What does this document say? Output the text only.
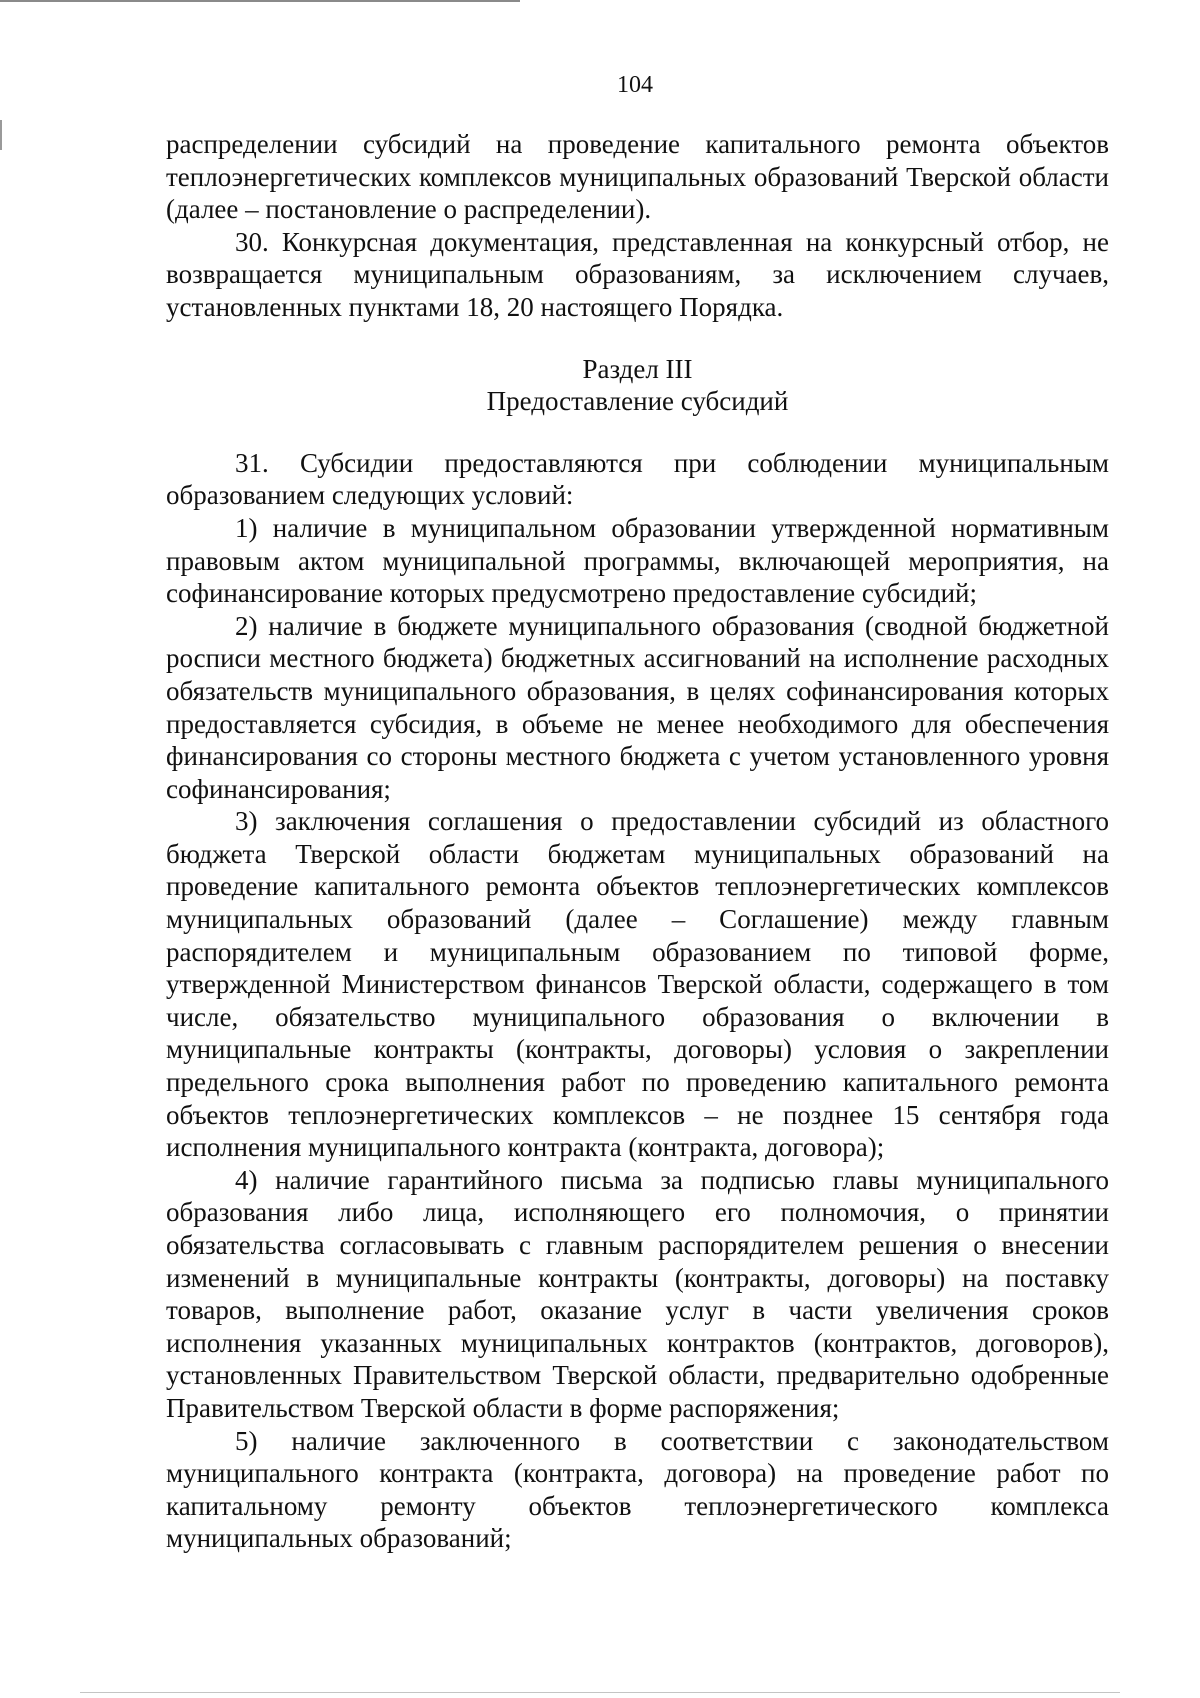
104

распределении субсидий на проведение капитального ремонта объектов теплоэнергетических комплексов муниципальных образований Тверской области (далее – постановление о распределении).

30. Конкурсная документация, представленная на конкурсный отбор, не возвращается муниципальным образованиям, за исключением случаев, установленных пунктами 18, 20 настоящего Порядка.

Раздел III
Предоставление субсидий

31. Субсидии предоставляются при соблюдении муниципальным образованием следующих условий:

1) наличие в муниципальном образовании утвержденной нормативным правовым актом муниципальной программы, включающей мероприятия, на софинансирование которых предусмотрено предоставление субсидий;

2) наличие в бюджете муниципального образования (сводной бюджетной росписи местного бюджета) бюджетных ассигнований на исполнение расходных обязательств муниципального образования, в целях софинансирования которых предоставляется субсидия, в объеме не менее необходимого для обеспечения финансирования со стороны местного бюджета с учетом установленного уровня софинансирования;

3) заключения соглашения о предоставлении субсидий из областного бюджета Тверской области бюджетам муниципальных образований на проведение капитального ремонта объектов теплоэнергетических комплексов муниципальных образований (далее – Соглашение) между главным распорядителем и муниципальным образованием по типовой форме, утвержденной Министерством финансов Тверской области, содержащего в том числе, обязательство муниципального образования о включении в муниципальные контракты (контракты, договоры) условия о закреплении предельного срока выполнения работ по проведению капитального ремонта объектов теплоэнергетических комплексов – не позднее 15 сентября года исполнения муниципального контракта (контракта, договора);

4) наличие гарантийного письма за подписью главы муниципального образования либо лица, исполняющего его полномочия, о принятии обязательства согласовывать с главным распорядителем решения о внесении изменений в муниципальные контракты (контракты, договоры) на поставку товаров, выполнение работ, оказание услуг в части увеличения сроков исполнения указанных муниципальных контрактов (контрактов, договоров), установленных Правительством Тверской области, предварительно одобренные Правительством Тверской области в форме распоряжения;

5) наличие заключенного в соответствии с законодательством муниципального контракта (контракта, договора) на проведение работ по капитальному ремонту объектов теплоэнергетического комплекса муниципальных образований;
